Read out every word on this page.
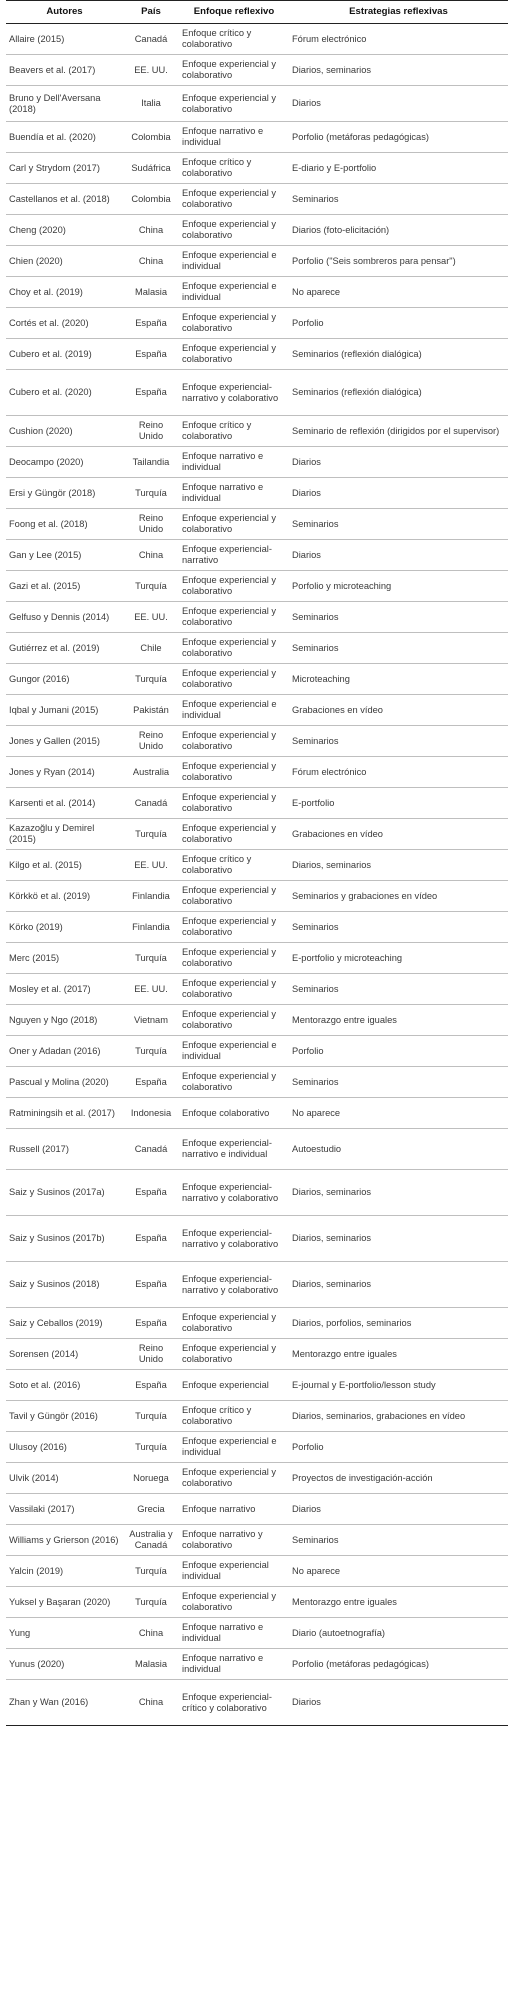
Autores	País	Enfoque reflexivo	Estrategias reflexivas
Allaire (2015)	Canadá	Enfoque crítico y colaborativo	Fórum electrónico
Beavers et al. (2017)	EE. UU.	Enfoque experiencial y colaborativo	Diarios, seminarios
Bruno y Dell'Aversana (2018)	Italia	Enfoque experiencial y colaborativo	Diarios
Buendía et al. (2020)	Colombia	Enfoque narrativo e individual	Porfolio (metáforas pedagógicas)
Carl y Strydom (2017)	Sudáfrica	Enfoque crítico y colaborativo	E-diario y E-portfolio
Castellanos et al. (2018)	Colombia	Enfoque experiencial y colaborativo	Seminarios
Cheng (2020)	China	Enfoque experiencial y colaborativo	Diarios (foto-elicitación)
Chien (2020)	China	Enfoque experiencial e individual	Porfolio ("Seis sombreros para pensar")
Choy et al. (2019)	Malasia	Enfoque experiencial e individual	No aparece
Cortés et al. (2020)	España	Enfoque experiencial y colaborativo	Porfolio
Cubero et al. (2019)	España	Enfoque experiencial y colaborativo	Seminarios (reflexión dialógica)
Cubero et al. (2020)	España	Enfoque experiencial-narrativo y colaborativo	Seminarios (reflexión dialógica)
Cushion (2020)	Reino Unido	Enfoque crítico y colaborativo	Seminario de reflexión (dirigidos por el supervisor)
Deocampo (2020)	Tailandia	Enfoque narrativo e individual	Diarios
Ersi y Güngör (2018)	Turquía	Enfoque narrativo e individual	Diarios
Foong et al. (2018)	Reino Unido	Enfoque experiencial y colaborativo	Seminarios
Gan y Lee (2015)	China	Enfoque experiencial- narrativo	Diarios
Gazi et al. (2015)	Turquía	Enfoque experiencial y colaborativo	Porfolio y microteaching
Gelfuso y Dennis (2014)	EE. UU.	Enfoque experiencial y colaborativo	Seminarios
Gutiérrez et al. (2019)	Chile	Enfoque experiencial y colaborativo	Seminarios
Gungor (2016)	Turquía	Enfoque experiencial y colaborativo	Microteaching
Iqbal y Jumani (2015)	Pakistán	Enfoque experiencial e individual	Grabaciones en vídeo
Jones y Gallen (2015)	Reino Unido	Enfoque experiencial y colaborativo	Seminarios
Jones y Ryan (2014)	Australia	Enfoque experiencial y colaborativo	Fórum electrónico
Karsenti et al. (2014)	Canadá	Enfoque experiencial y colaborativo	E-portfolio
Kazazoğlu y Demirel (2015)	Turquía	Enfoque experiencial y colaborativo	Grabaciones en vídeo
Kilgo et al. (2015)	EE. UU.	Enfoque crítico y colaborativo	Diarios, seminarios
Körkkö et al. (2019)	Finlandia	Enfoque experiencial y colaborativo	Seminarios y grabaciones en vídeo
Körko (2019)	Finlandia	Enfoque experiencial y colaborativo	Seminarios
Merc (2015)	Turquía	Enfoque experiencial y colaborativo	E-portfolio y microteaching
Mosley et al. (2017)	EE. UU.	Enfoque experiencial y colaborativo	Seminarios
Nguyen y Ngo (2018)	Vietnam	Enfoque experiencial y colaborativo	Mentorazgo entre iguales
Oner y Adadan (2016)	Turquía	Enfoque experiencial e individual	Porfolio
Pascual y Molina (2020)	España	Enfoque experiencial y colaborativo	Seminarios
Ratminingsih et al. (2017)	Indonesia	Enfoque colaborativo	No aparece
Russell (2017)	Canadá	Enfoque experiencial-narrativo e individual	Autoestudio
Saiz y Susinos (2017a)	España	Enfoque experiencial-narrativo y colaborativo	Diarios, seminarios
Saiz y Susinos (2017b)	España	Enfoque experiencial-narrativo y colaborativo	Diarios, seminarios
Saiz y Susinos (2018)	España	Enfoque experiencial-narrativo y colaborativo	Diarios, seminarios
Saiz y Ceballos (2019)	España	Enfoque experiencial y colaborativo	Diarios, porfolios, seminarios
Sorensen (2014)	Reino Unido	Enfoque experiencial y colaborativo	Mentorazgo entre iguales
Soto et al. (2016)	España	Enfoque experiencial	E-journal y E-portfolio/lesson study
Tavil y Güngör (2016)	Turquía	Enfoque crítico y colaborativo	Diarios, seminarios, grabaciones en vídeo
Ulusoy (2016)	Turquía	Enfoque experiencial e individual	Porfolio
Ulvik (2014)	Noruega	Enfoque experiencial y colaborativo	Proyectos de investigación-acción
Vassilaki (2017)	Grecia	Enfoque narrativo	Diarios
Williams y Grierson (2016)	Australia y Canadá	Enfoque narrativo y colaborativo	Seminarios
Yalcin (2019)	Turquía	Enfoque experiencial individual	No aparece
Yuksel y Başaran (2020)	Turquía	Enfoque experiencial y colaborativo	Mentorazgo entre iguales
Yung	China	Enfoque narrativo e individual	Diario (autoetnografía)
Yunus (2020)	Malasia	Enfoque narrativo e individual	Porfolio (metáforas pedagógicas)
Zhan y Wan (2016)	China	Enfoque experiencial-crítico y colaborativo	Diarios
